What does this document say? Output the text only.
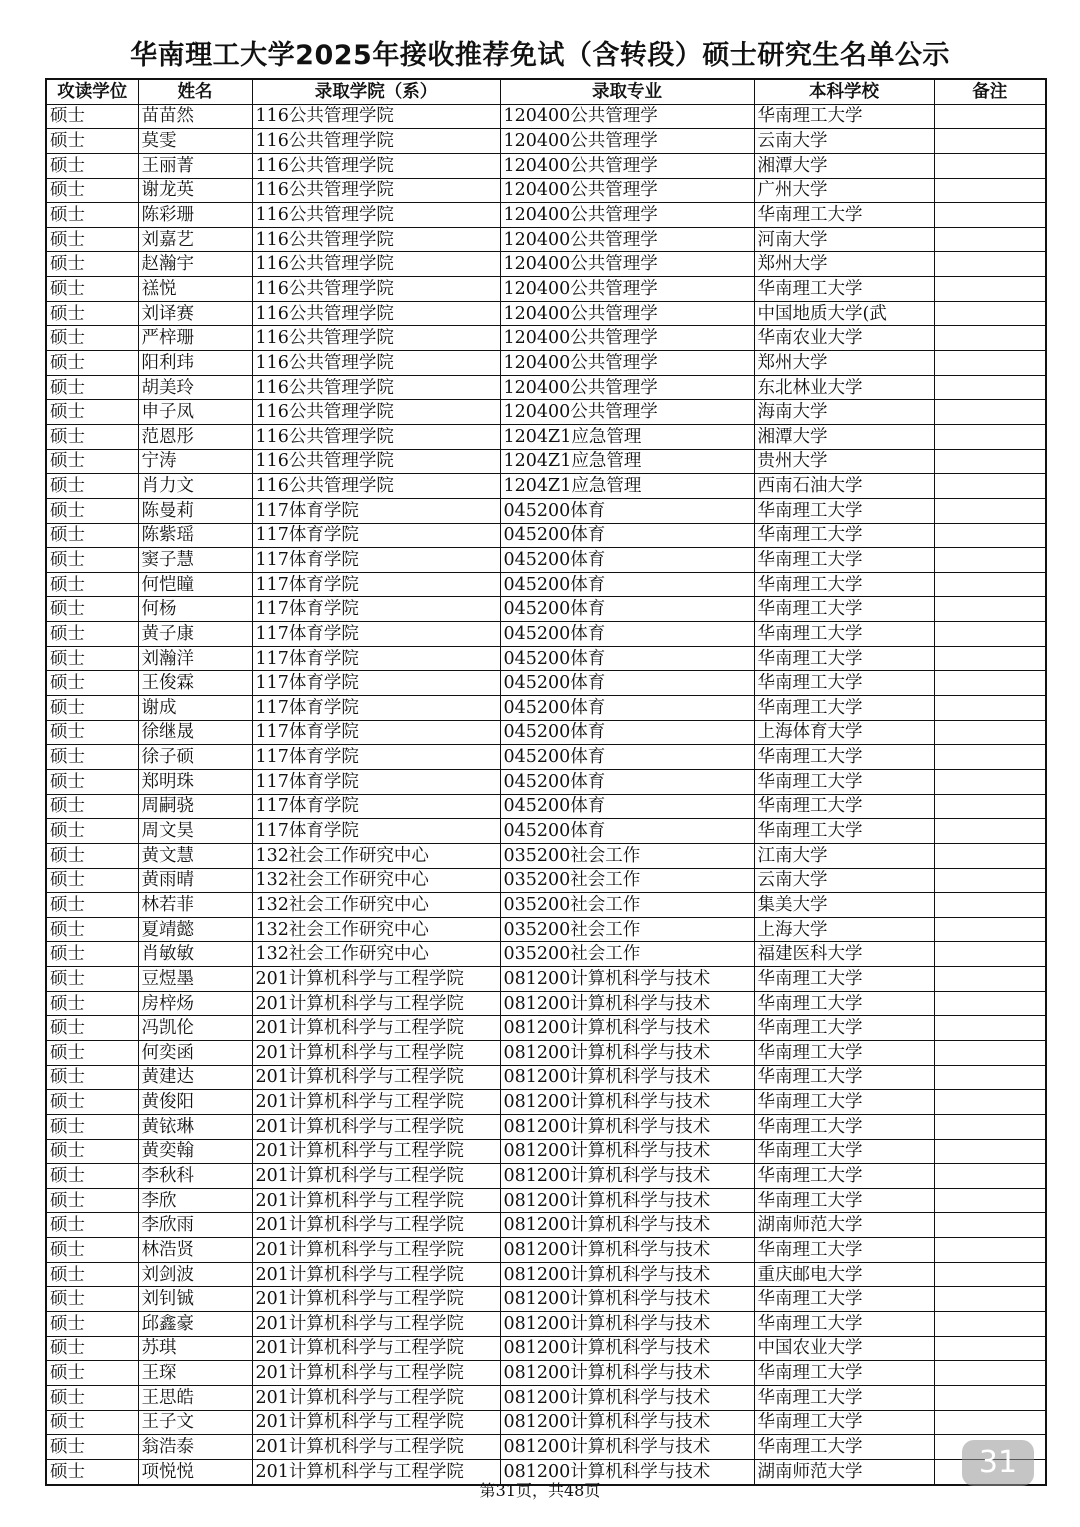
华南理工大学2025年接收推荐免试（含转段）硕士研究生名单公示
攻读学位	姓名	录取学院（系）	录取专业	本科学校	备注
硕士	苗苗然	116公共管理学院	120400公共管理学	华南理工大学	
硕士	莫雯	116公共管理学院	120400公共管理学	云南大学	
硕士	王丽菁	116公共管理学院	120400公共管理学	湘潭大学	
硕士	谢龙英	116公共管理学院	120400公共管理学	广州大学	
硕士	陈彩珊	116公共管理学院	120400公共管理学	华南理工大学	
硕士	刘嘉艺	116公共管理学院	120400公共管理学	河南大学	
硕士	赵瀚宇	116公共管理学院	120400公共管理学	郑州大学	
硕士	禚悦	116公共管理学院	120400公共管理学	华南理工大学	
硕士	刘译赛	116公共管理学院	120400公共管理学	中国地质大学(武	
硕士	严梓珊	116公共管理学院	120400公共管理学	华南农业大学	
硕士	阳利玮	116公共管理学院	120400公共管理学	郑州大学	
硕士	胡美玲	116公共管理学院	120400公共管理学	东北林业大学	
硕士	申子凤	116公共管理学院	120400公共管理学	海南大学	
硕士	范恩彤	116公共管理学院	1204Z1应急管理	湘潭大学	
硕士	宁涛	116公共管理学院	1204Z1应急管理	贵州大学	
硕士	肖力文	116公共管理学院	1204Z1应急管理	西南石油大学	
硕士	陈曼莉	117体育学院	045200体育	华南理工大学	
硕士	陈紫瑶	117体育学院	045200体育	华南理工大学	
硕士	窦子慧	117体育学院	045200体育	华南理工大学	
硕士	何恺瞳	117体育学院	045200体育	华南理工大学	
硕士	何杨	117体育学院	045200体育	华南理工大学	
硕士	黄子康	117体育学院	045200体育	华南理工大学	
硕士	刘瀚洋	117体育学院	045200体育	华南理工大学	
硕士	王俊霖	117体育学院	045200体育	华南理工大学	
硕士	谢成	117体育学院	045200体育	华南理工大学	
硕士	徐继晟	117体育学院	045200体育	上海体育大学	
硕士	徐子硕	117体育学院	045200体育	华南理工大学	
硕士	郑明珠	117体育学院	045200体育	华南理工大学	
硕士	周嗣骁	117体育学院	045200体育	华南理工大学	
硕士	周文昊	117体育学院	045200体育	华南理工大学	
硕士	黄文慧	132社会工作研究中心	035200社会工作	江南大学	
硕士	黄雨晴	132社会工作研究中心	035200社会工作	云南大学	
硕士	林若菲	132社会工作研究中心	035200社会工作	集美大学	
硕士	夏靖懿	132社会工作研究中心	035200社会工作	上海大学	
硕士	肖敏敏	132社会工作研究中心	035200社会工作	福建医科大学	
硕士	豆煜墨	201计算机科学与工程学院	081200计算机科学与技术	华南理工大学	
硕士	房梓炀	201计算机科学与工程学院	081200计算机科学与技术	华南理工大学	
硕士	冯凯伦	201计算机科学与工程学院	081200计算机科学与技术	华南理工大学	
硕士	何奕函	201计算机科学与工程学院	081200计算机科学与技术	华南理工大学	
硕士	黄建达	201计算机科学与工程学院	081200计算机科学与技术	华南理工大学	
硕士	黄俊阳	201计算机科学与工程学院	081200计算机科学与技术	华南理工大学	
硕士	黄铱琳	201计算机科学与工程学院	081200计算机科学与技术	华南理工大学	
硕士	黄奕翰	201计算机科学与工程学院	081200计算机科学与技术	华南理工大学	
硕士	李秋科	201计算机科学与工程学院	081200计算机科学与技术	华南理工大学	
硕士	李欣	201计算机科学与工程学院	081200计算机科学与技术	华南理工大学	
硕士	李欣雨	201计算机科学与工程学院	081200计算机科学与技术	湖南师范大学	
硕士	林浩贤	201计算机科学与工程学院	081200计算机科学与技术	华南理工大学	
硕士	刘剑波	201计算机科学与工程学院	081200计算机科学与技术	重庆邮电大学	
硕士	刘钊铖	201计算机科学与工程学院	081200计算机科学与技术	华南理工大学	
硕士	邱鑫豪	201计算机科学与工程学院	081200计算机科学与技术	华南理工大学	
硕士	苏琪	201计算机科学与工程学院	081200计算机科学与技术	中国农业大学	
硕士	王琛	201计算机科学与工程学院	081200计算机科学与技术	华南理工大学	
硕士	王思皓	201计算机科学与工程学院	081200计算机科学与技术	华南理工大学	
硕士	王子文	201计算机科学与工程学院	081200计算机科学与技术	华南理工大学	
硕士	翁浩泰	201计算机科学与工程学院	081200计算机科学与技术	华南理工大学	
硕士	项悦悦	201计算机科学与工程学院	081200计算机科学与技术	湖南师范大学	
第31页，共48页
31
